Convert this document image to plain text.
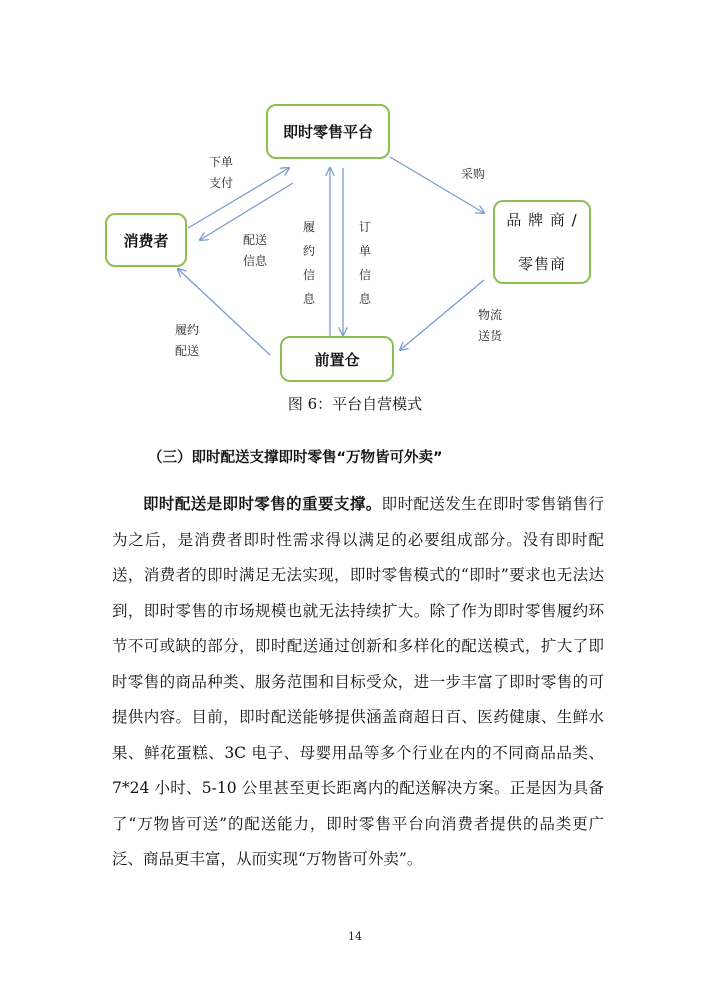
即时零售平台
消费者
品 牌 商 /
零售商
前置仓
下单
支付
配送
信息
履约信息
订单信息
采购
物流
送货
履约
配送
图 6：平台自营模式
（三）即时配送支撑即时零售“万物皆可外卖”

即时配送是即时零售的重要支撑。即时配送发生在即时零售销售行为之后，是消费者即时性需求得以满足的必要组成部分。没有即时配送，消费者的即时满足无法实现，即时零售模式的“即时”要求也无法达到，即时零售的市场规模也就无法持续扩大。除了作为即时零售履约环节不可或缺的部分，即时配送通过创新和多样化的配送模式，扩大了即时零售的商品种类、服务范围和目标受众，进一步丰富了即时零售的可提供内容。目前，即时配送能够提供涵盖商超日百、医药健康、生鲜水果、鲜花蛋糕、3C 电子、母婴用品等多个行业在内的不同商品品类、7*24 小时、5-10 公里甚至更长距离内的配送解决方案。正是因为具备了“万物皆可送”的配送能力，即时零售平台向消费者提供的品类更广泛、商品更丰富，从而实现“万物皆可外卖”。

14
